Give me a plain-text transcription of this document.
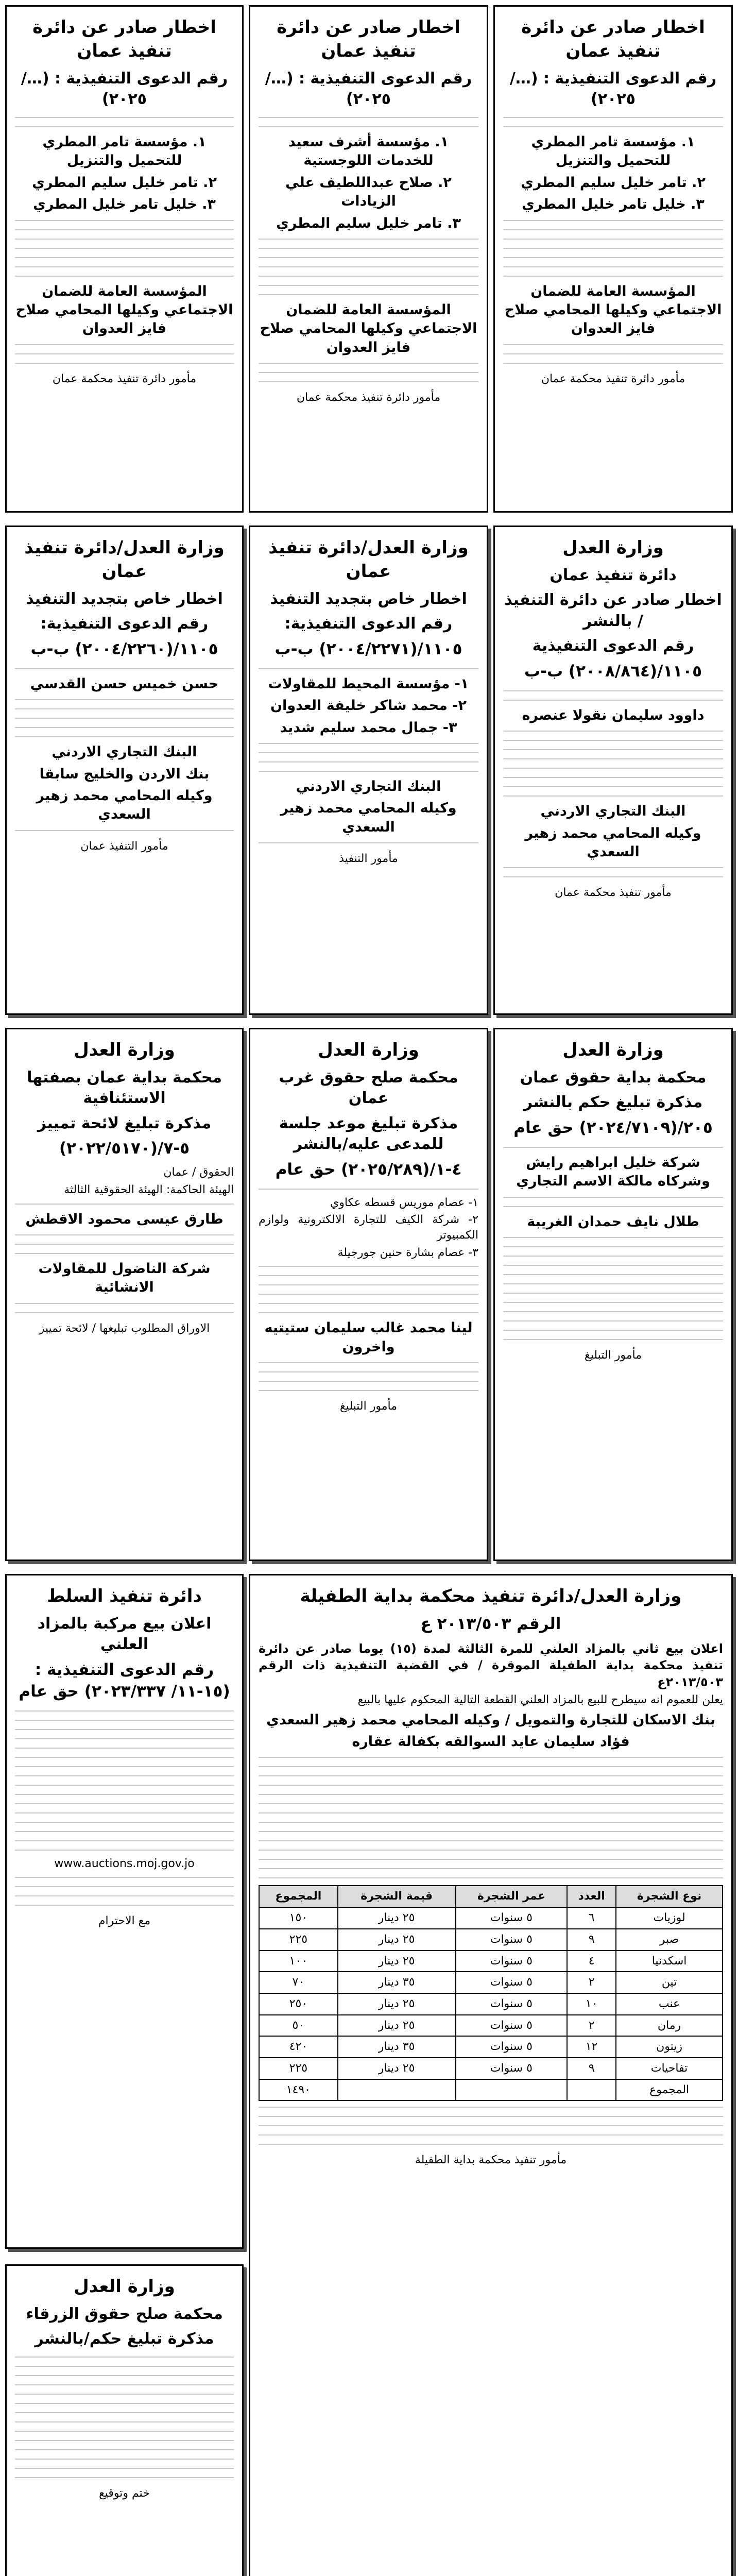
اخطار صادر عن دائرة تنفيذ عمان
رقم الدعوى التنفيذية : (…/٢٠٢٥)
١. مؤسسة تامر المطري للتحميل والتنزيل
٢. تامر خليل سليم المطري
٣. خليل تامر خليل المطري
المؤسسة العامة للضمان الاجتماعي وكيلها المحامي صلاح فايز العدوان
مأمور دائرة تنفيذ محكمة عمان
اخطار صادر عن دائرة تنفيذ عمان
رقم الدعوى التنفيذية : (…/٢٠٢٥)
١. مؤسسة أشرف سعيد للخدمات اللوجستية
٢. صلاح عبداللطيف علي الزيادات
٣. تامر خليل سليم المطري
المؤسسة العامة للضمان الاجتماعي وكيلها المحامي صلاح فايز العدوان
مأمور دائرة تنفيذ محكمة عمان
اخطار صادر عن دائرة تنفيذ عمان
رقم الدعوى التنفيذية : (…/٢٠٢٥)
١. مؤسسة تامر المطري للتحميل والتنزيل
٢. تامر خليل سليم المطري
٣. خليل تامر خليل المطري
المؤسسة العامة للضمان الاجتماعي وكيلها المحامي صلاح فايز العدوان
مأمور دائرة تنفيذ محكمة عمان
وزارة العدل
دائرة تنفيذ عمان
اخطار صادر عن دائرة التنفيذ / بالنشر
رقم الدعوى التنفيذية
١١٠٥/(٢٠٠٨/٨٦٤) ب-ب
داوود سليمان نقولا عنصره
البنك التجاري الاردني
وكيله المحامي محمد زهير السعدي
مأمور تنفيذ محكمة عمان
وزارة العدل/دائرة تنفيذ عمان
اخطار خاص بتجديد التنفيذ
رقم الدعوى التنفيذية:
١١٠٥/(٢٠٠٤/٢٢٧١) ب-ب
١- مؤسسة المحيط للمقاولات
٢- محمد شاكر خليفة العدوان
٣- جمال محمد سليم شديد
البنك التجاري الاردني
وكيله المحامي محمد زهير السعدي
مأمور التنفيذ
وزارة العدل/دائرة تنفيذ عمان
اخطار خاص بتجديد التنفيذ
رقم الدعوى التنفيذية:
١١٠٥/(٢٠٠٤/٢٢٦٠) ب-ب
حسن خميس حسن القدسي
البنك التجاري الاردني
بنك الاردن والخليج سابقا
وكيله المحامي محمد زهير السعدي
مأمور التنفيذ عمان
وزارة العدل
محكمة بداية حقوق عمان
مذكرة تبليغ حكم بالنشر
٢٠٥/(٢٠٢٤/٧١٠٩) حق عام
شركة خليل ابراهيم رايش وشركاه مالكة الاسم التجاري
طلال نايف حمدان الغريبة
مأمور التبليغ
وزارة العدل
محكمة صلح حقوق غرب عمان
مذكرة تبليغ موعد جلسة للمدعى عليه/بالنشر
٤-١/(٢٠٢٥/٢٨٩) حق عام
١- عصام موريس قسطه عكاوي
٢- شركة الكيف للتجارة الالكترونية ولوازم الكمبيوتر
٣- عصام بشارة حنين جورجيلة
لينا محمد غالب سليمان ستيتيه واخرون
مأمور التبليغ
وزارة العدل
محكمة بداية عمان بصفتها الاستئنافية
مذكرة تبليغ لائحة تمييز
٥-٧/(٢٠٢٢/٥١٧٠)
الحقوق / عمان
الهيئة الحاكمة: الهيئة الحقوقية الثالثة
طارق عيسى محمود الاقطش
شركة الناضول للمقاولات الانشائية
الاوراق المطلوب تبليغها / لائحة تمييز
وزارة العدل/دائرة تنفيذ محكمة بداية الطفيلة
الرقم ٢٠١٣/٥٠٣ ع
اعلان بيع ثاني بالمزاد العلني للمرة الثالثة لمدة (١٥) يوما صادر عن دائرة تنفيذ محكمة بداية الطفيلة الموقرة / في القضية التنفيذية ذات الرقم ٢٠١٣/٥٠٣ع
يعلن للعموم انه سيطرح للبيع بالمزاد العلني القطعة التالية المحكوم عليها بالبيع
بنك الاسكان للتجارة والتمويل / وكيله المحامي محمد زهير السعدي
فؤاد سليمان عايد السوالقه بكفالة عقاره
نوع الشجرة	العدد	عمر الشجرة	قيمة الشجرة	المجموع
لوزيات	٦	٥ سنوات	٢٥ دينار	١٥٠
صبر	٩	٥ سنوات	٢٥ دينار	٢٢٥
اسكدنيا	٤	٥ سنوات	٢٥ دينار	١٠٠
تين	٢	٥ سنوات	٣٥ دينار	٧٠
عنب	١٠	٥ سنوات	٢٥ دينار	٢٥٠
رمان	٢	٥ سنوات	٢٥ دينار	٥٠
زيتون	١٢	٥ سنوات	٣٥ دينار	٤٢٠
تفاحيات	٩	٥ سنوات	٢٥ دينار	٢٢٥
المجموع				١٤٩٠
مأمور تنفيذ محكمة بداية الطفيلة
دائرة تنفيذ السلط
اعلان بيع مركبة بالمزاد العلني
رقم الدعوى التنفيذية : (١٥-١١/ ٢٠٢٣/٣٣٧) حق عام
www.auctions.moj.gov.jo
مع الاحترام
وزارة العدل
محكمة صلح حقوق الزرقاء
مذكرة تبليغ حكم/بالنشر
ختم وتوقيع
